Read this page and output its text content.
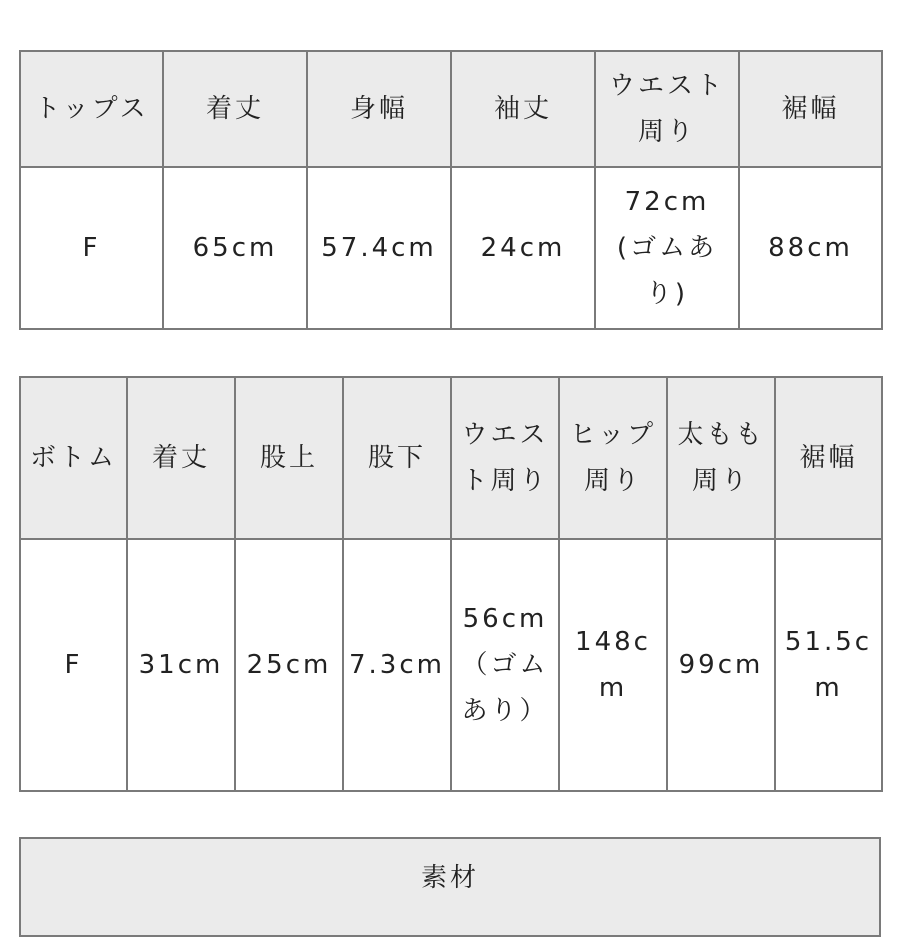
トップス	着丈	身幅	袖丈	ウエスト周り	裾幅
F	65cm	57.4cm	24cm	72cm (ゴムあり)	88cm
ボトム	着丈	股上	股下	ウエスト周り	ヒップ周り	太もも周り	裾幅
F	31cm	25cm	7.3cm	56cm （ゴムあり）	148cm	99cm	51.5cm
素材
